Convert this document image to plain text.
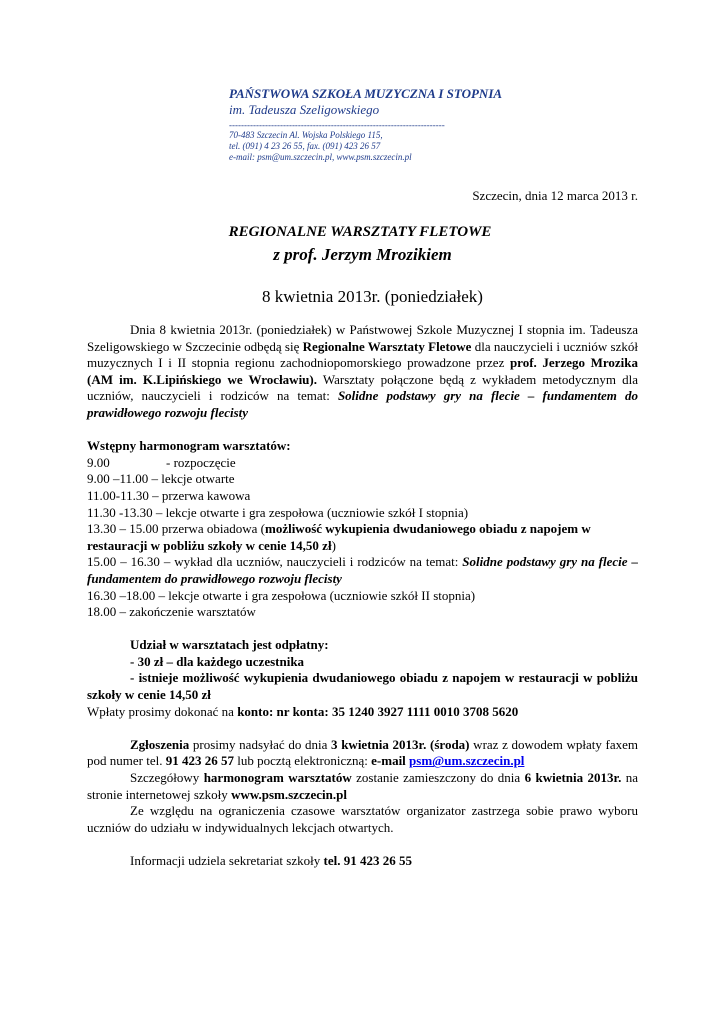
PAŃSTWOWA SZKOŁA MUZYCZNA I STOPNIA
im. Tadeusza Szeligowskiego
------------------------------------------------------------------------
70-483 Szczecin Al. Wojska Polskiego 115,
tel. (091) 4 23 26 55, fax. (091) 423 26 57
e-mail: psm@um.szczecin.pl, www.psm.szczecin.pl
Szczecin, dnia 12 marca 2013 r.
REGIONALNE WARSZTATY FLETOWE
z prof. Jerzym Mrozikiem
8 kwietnia 2013r. (poniedziałek)

Dnia 8 kwietnia 2013r. (poniedziałek) w Państwowej Szkole Muzycznej I stopnia im. Tadeusza Szeligowskiego w Szczecinie odbędą się Regionalne Warsztaty Fletowe dla nauczycieli i uczniów szkół muzycznych I i II stopnia regionu zachodniopomorskiego prowadzone przez prof. Jerzego Mrozika (AM im. K.Lipińskiego we Wrocławiu). Warsztaty połączone będą z wykładem metodycznym dla uczniów, nauczycieli i rodziców na temat: Solidne podstawy gry na flecie – fundamentem do prawidłowego rozwoju flecisty

Wstępny harmonogram warsztatów:

9.00	- rozpoczęcie

9.00 –11.00 – lekcje otwarte

11.00-11.30 – przerwa kawowa

11.30 -13.30 – lekcje otwarte i gra zespołowa (uczniowie szkół I stopnia)

13.30 – 15.00 przerwa obiadowa (możliwość wykupienia dwudaniowego obiadu z napojem w restauracji w pobliżu szkoły w cenie 14,50 zł)

15.00 – 16.30 – wykład dla uczniów, nauczycieli i rodziców na temat: Solidne podstawy gry na flecie – fundamentem do prawidłowego rozwoju flecisty

16.30 –18.00 – lekcje otwarte i gra zespołowa (uczniowie szkół II stopnia)

18.00 – zakończenie warsztatów

Udział w warsztatach jest odpłatny:

- 30 zł – dla każdego uczestnika

- istnieje możliwość wykupienia dwudaniowego obiadu z napojem w restauracji w pobliżu szkoły w cenie 14,50 zł

Wpłaty prosimy dokonać na konto: nr konta: 35 1240 3927 1111 0010 3708 5620

Zgłoszenia prosimy nadsyłać do dnia 3 kwietnia 2013r. (środa) wraz z dowodem wpłaty faxem pod numer tel. 91 423 26 57 lub pocztą elektroniczną: e-mail psm@um.szczecin.pl

Szczegółowy harmonogram warsztatów zostanie zamieszczony do dnia 6 kwietnia 2013r. na stronie internetowej szkoły www.psm.szczecin.pl

Ze względu na ograniczenia czasowe warsztatów organizator zastrzega sobie prawo wyboru uczniów do udziału w indywidualnych lekcjach otwartych.

Informacji udziela sekretariat szkoły tel. 91 423 26 55
